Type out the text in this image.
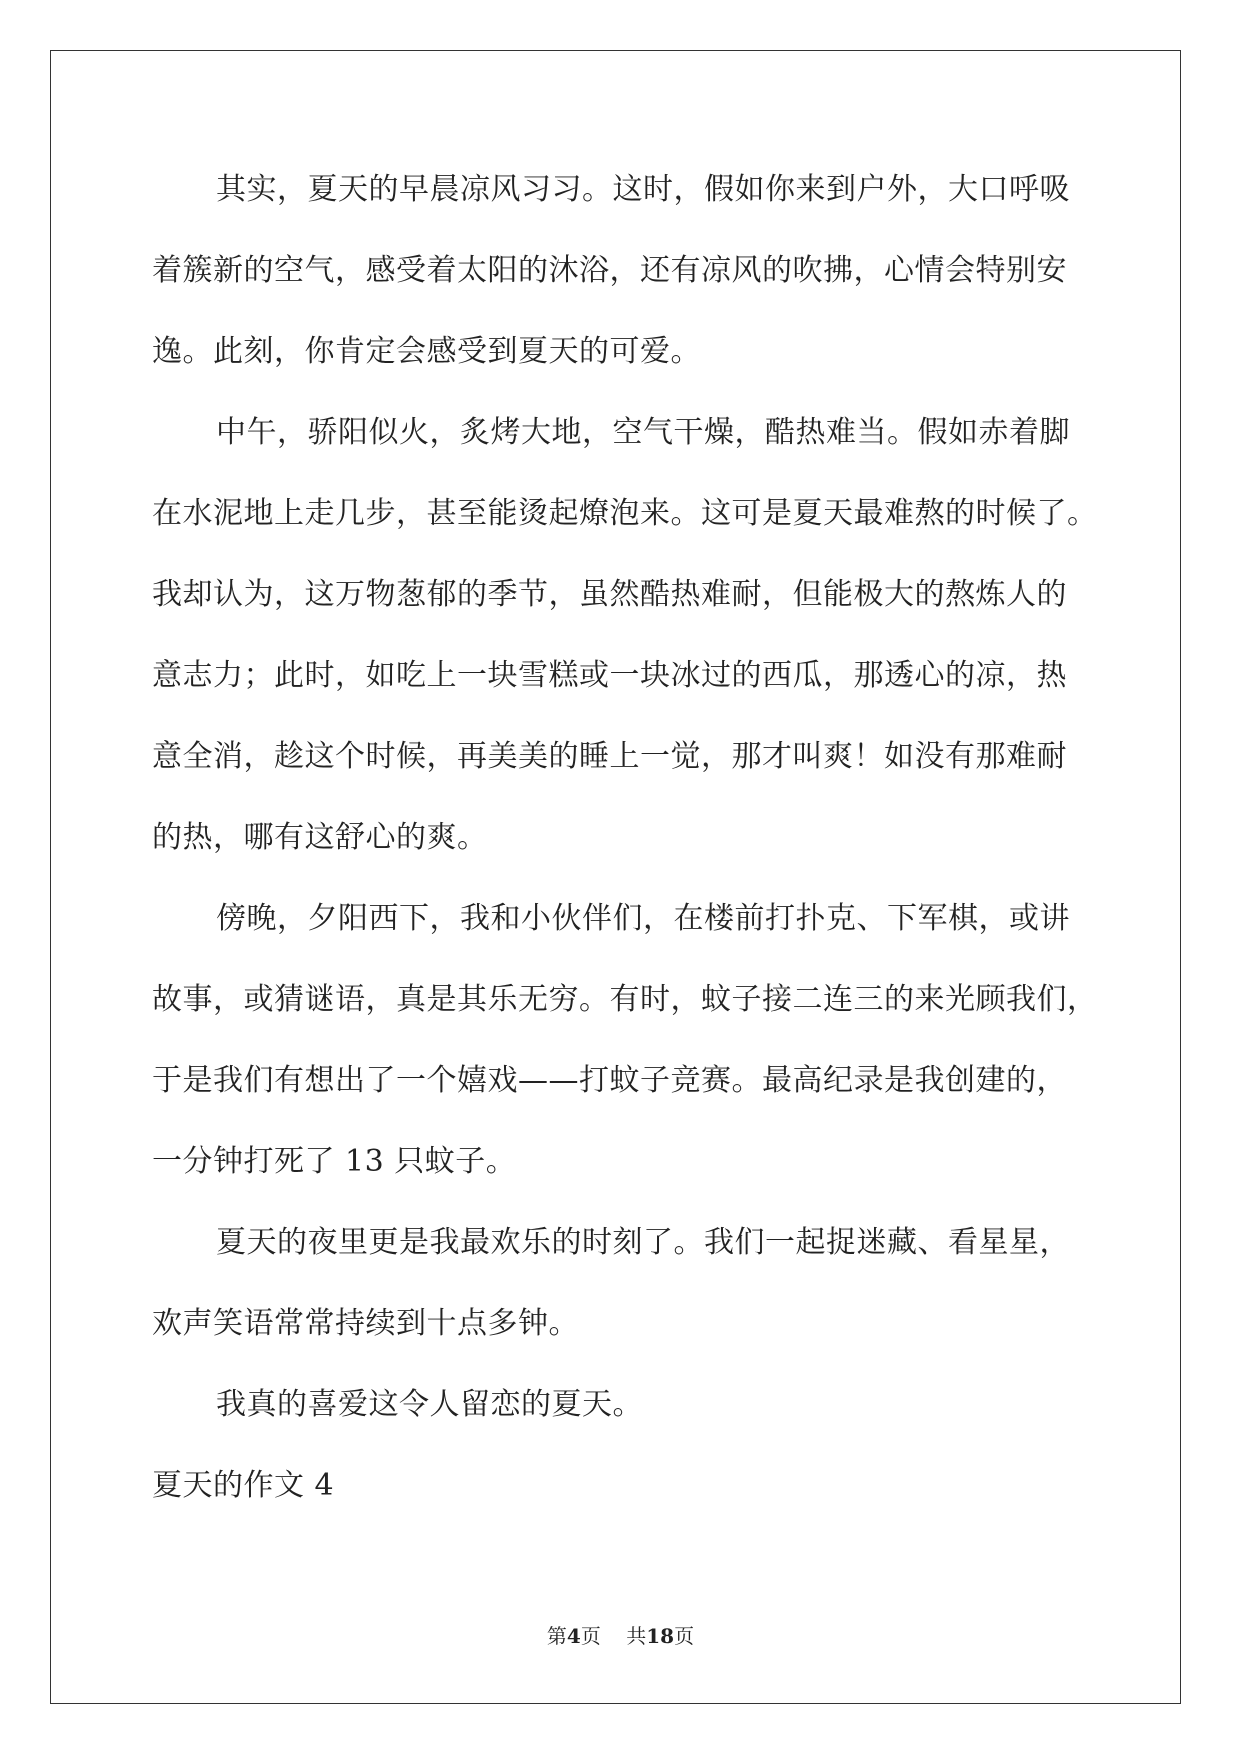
其实，夏天的早晨凉风习习。这时，假如你来到户外，大口呼吸
着簇新的空气，感受着太阳的沐浴，还有凉风的吹拂，心情会特别安
逸。此刻，你肯定会感受到夏天的可爱。
中午，骄阳似火，炙烤大地，空气干燥，酷热难当。假如赤着脚
在水泥地上走几步，甚至能烫起燎泡来。这可是夏天最难熬的时候了。
我却认为，这万物葱郁的季节，虽然酷热难耐，但能极大的熬炼人的
意志力；此时，如吃上一块雪糕或一块冰过的西瓜，那透心的凉，热
意全消，趁这个时候，再美美的睡上一觉，那才叫爽！如没有那难耐
的热，哪有这舒心的爽。
傍晚，夕阳西下，我和小伙伴们，在楼前打扑克、下军棋，或讲
故事，或猜谜语，真是其乐无穷。有时，蚊子接二连三的来光顾我们，
于是我们有想出了一个嬉戏——打蚊子竞赛。最高纪录是我创建的，
一分钟打死了 13 只蚊子。
夏天的夜里更是我最欢乐的时刻了。我们一起捉迷藏、看星星，
欢声笑语常常持续到十点多钟。
我真的喜爱这令人留恋的夏天。
夏天的作文 4
第4页 共18页
